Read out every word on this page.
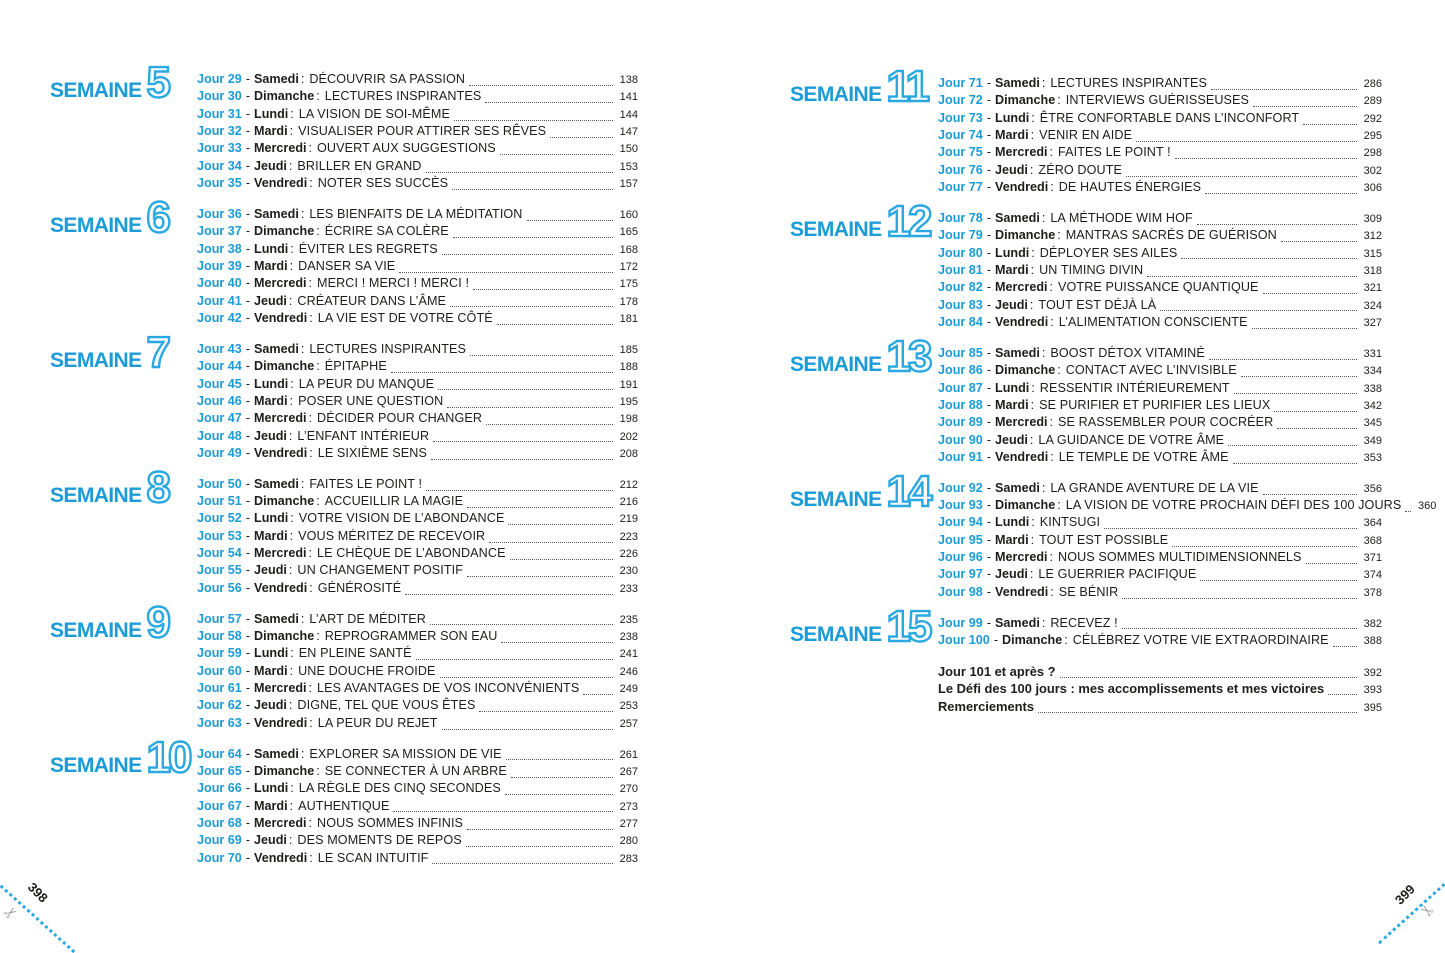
SEMAINE 5 Jour 29 - Samedi : DÉCOUVRIR SA PASSION	138
Jour 30 - Dimanche : LECTURES INSPIRANTES	141
Jour 31 - Lundi : LA VISION DE SOI-MÊME	144
Jour 32 - Mardi : VISUALISER POUR ATTIRER SES RÊVES	147
Jour 33 - Mercredi : OUVERT AUX SUGGESTIONS	150
Jour 34 - Jeudi : BRILLER EN GRAND	153
Jour 35 - Vendredi : NOTER SES SUCCÈS	157
SEMAINE 6 Jour 36 - Samedi : LES BIENFAITS DE LA MÉDITATION	160
Jour 37 - Dimanche : ÉCRIRE SA COLÈRE	165
Jour 38 - Lundi : ÉVITER LES REGRETS	168
Jour 39 - Mardi : DANSER SA VIE	172
Jour 40 - Mercredi : MERCI ! MERCI ! MERCI !	175
Jour 41 - Jeudi : CRÉATEUR DANS L’ÂME	178
Jour 42 - Vendredi : LA VIE EST DE VOTRE CÔTÉ	181
SEMAINE 7 Jour 43 - Samedi : LECTURES INSPIRANTES	185
Jour 44 - Dimanche : ÉPITAPHE	188
Jour 45 - Lundi : LA PEUR DU MANQUE	191
Jour 46 - Mardi : POSER UNE QUESTION	195
Jour 47 - Mercredi : DÉCIDER POUR CHANGER	198
Jour 48 - Jeudi : L’ENFANT INTÉRIEUR	202
Jour 49 - Vendredi : LE SIXIÈME SENS	208
SEMAINE 8 Jour 50 - Samedi : FAITES LE POINT !	212
Jour 51 - Dimanche : ACCUEILLIR LA MAGIE	216
Jour 52 - Lundi : VOTRE VISION DE L’ABONDANCE	219
Jour 53 - Mardi : VOUS MÉRITEZ DE RECEVOIR	223
Jour 54 - Mercredi : LE CHÈQUE DE L’ABONDANCE	226
Jour 55 - Jeudi : UN CHANGEMENT POSITIF	230
Jour 56 - Vendredi : GÉNÉROSITÉ	233
SEMAINE 9 Jour 57 - Samedi : L’ART DE MÉDITER	235
Jour 58 - Dimanche : REPROGRAMMER SON EAU	238
Jour 59 - Lundi : EN PLEINE SANTÉ	241
Jour 60 - Mardi : UNE DOUCHE FROIDE	246
Jour 61 - Mercredi : LES AVANTAGES DE VOS INCONVÉNIENTS	249
Jour 62 - Jeudi : DIGNE, TEL QUE VOUS ÊTES	253
Jour 63 - Vendredi : LA PEUR DU REJET	257
SEMAINE 10 Jour 64 - Samedi : EXPLORER SA MISSION DE VIE	261
Jour 65 - Dimanche : SE CONNECTER À UN ARBRE	267
Jour 66 - Lundi : LA RÈGLE DES CINQ SECONDES	270
Jour 67 - Mardi : AUTHENTIQUE	273
Jour 68 - Mercredi : NOUS SOMMES INFINIS	277
Jour 69 - Jeudi : DES MOMENTS DE REPOS	280
Jour 70 - Vendredi : LE SCAN INTUITIF	283
SEMAINE 11 Jour 71 - Samedi : LECTURES INSPIRANTES	286
Jour 72 - Dimanche : INTERVIEWS GUÉRISSEUSES	289
Jour 73 - Lundi : ÊTRE CONFORTABLE DANS L’INCONFORT	292
Jour 74 - Mardi : VENIR EN AIDE	295
Jour 75 - Mercredi : FAITES LE POINT !	298
Jour 76 - Jeudi : ZÉRO DOUTE	302
Jour 77 - Vendredi : DE HAUTES ÉNERGIES	306
SEMAINE 12 Jour 78 - Samedi : LA MÉTHODE WIM HOF	309
Jour 79 - Dimanche : MANTRAS SACRÉS DE GUÉRISON	312
Jour 80 - Lundi : DÉPLOYER SES AILES	315
Jour 81 - Mardi : UN TIMING DIVIN	318
Jour 82 - Mercredi : VOTRE PUISSANCE QUANTIQUE	321
Jour 83 - Jeudi : TOUT EST DÉJÀ LÀ	324
Jour 84 - Vendredi : L’ALIMENTATION CONSCIENTE	327
SEMAINE 13 Jour 85 - Samedi : BOOST DÉTOX VITAMINÉ	331
Jour 86 - Dimanche : CONTACT AVEC L’INVISIBLE	334
Jour 87 - Lundi : RESSENTIR INTÉRIEUREMENT	338
Jour 88 - Mardi : SE PURIFIER ET PURIFIER LES LIEUX	342
Jour 89 - Mercredi : SE RASSEMBLER POUR COCRÉER	345
Jour 90 - Jeudi : LA GUIDANCE DE VOTRE ÂME	349
Jour 91 - Vendredi : LE TEMPLE DE VOTRE ÂME	353
SEMAINE 14 Jour 92 - Samedi : LA GRANDE AVENTURE DE LA VIE	356
Jour 93 - Dimanche : LA VISION DE VOTRE PROCHAIN DÉFI DES 100 JOURS	360
Jour 94 - Lundi : KINTSUGI	364
Jour 95 - Mardi : TOUT EST POSSIBLE	368
Jour 96 - Mercredi : NOUS SOMMES MULTIDIMENSIONNELS	371
Jour 97 - Jeudi : LE GUERRIER PACIFIQUE	374
Jour 98 - Vendredi : SE BÉNIR	378
SEMAINE 15 Jour 99 - Samedi : RECEVEZ !	382
Jour 100 - Dimanche : CÉLÉBREZ VOTRE VIE EXTRAORDINAIRE	388
Jour 101 et après ?	392
Le Défi des 100 jours : mes accomplissements et mes victoires	393
Remerciements	395
398
✂
399
✂
